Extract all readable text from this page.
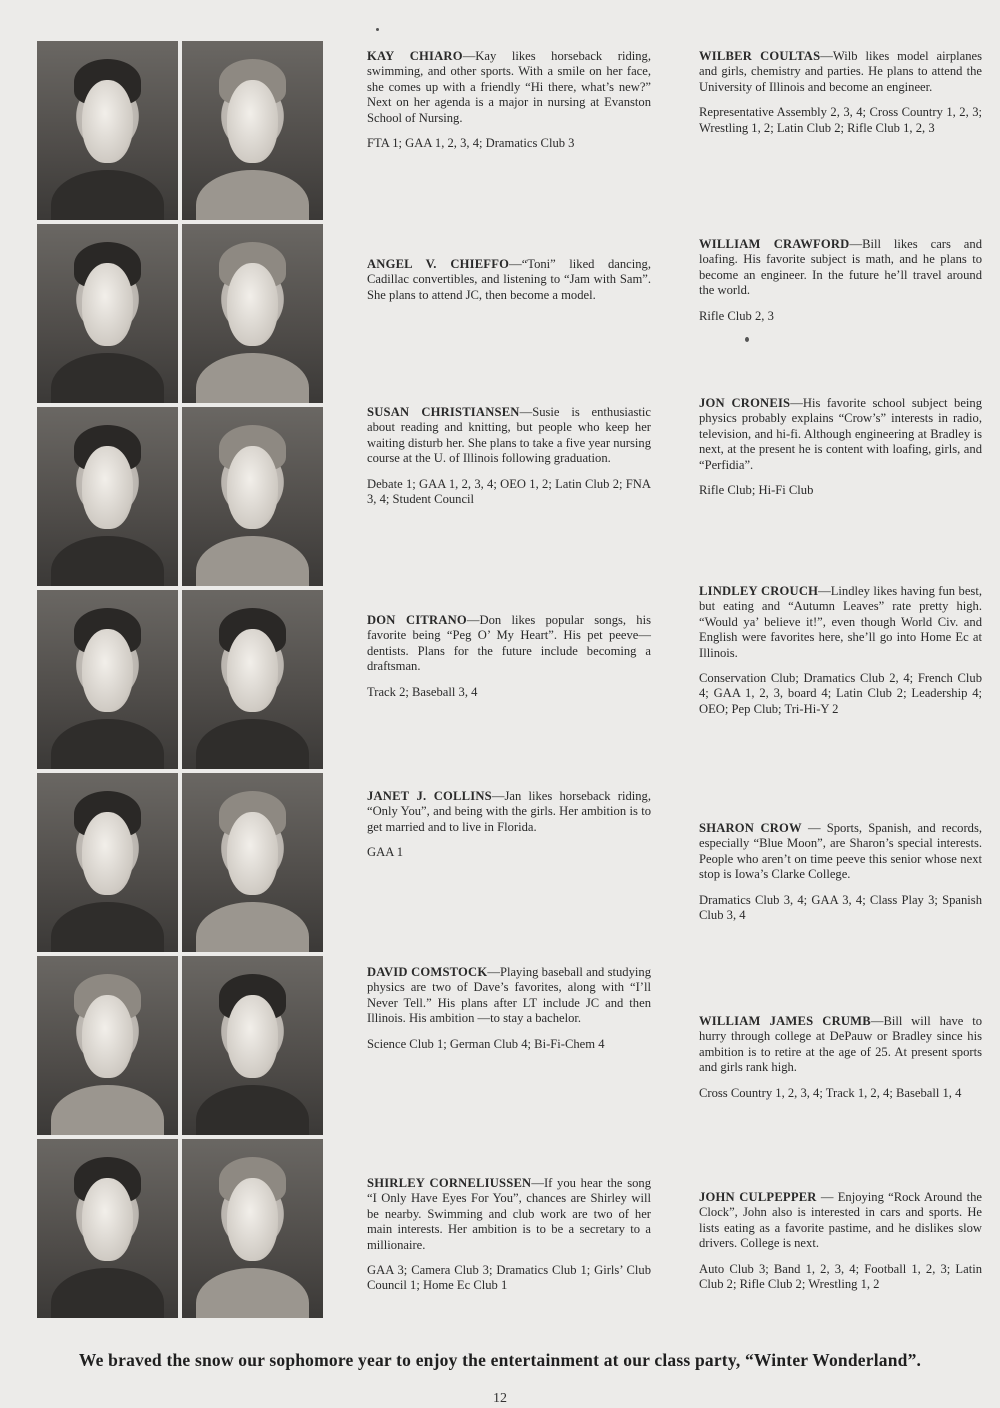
KAY CHIARO—Kay likes horseback riding, swimming, and other sports. With a smile on her face, she comes up with a friendly “Hi there, what’s new?” Next on her agenda is a major in nursing at Evanston School of Nursing.

FTA 1; GAA 1, 2, 3, 4; Dramatics Club 3

ANGEL V. CHIEFFO—“Toni” liked dancing, Cadillac convertibles, and listening to “Jam with Sam”. She plans to attend JC, then become a model.

SUSAN CHRISTIANSEN—Susie is enthusiastic about reading and knitting, but people who keep her waiting disturb her. She plans to take a five year nursing course at the U. of Illinois following graduation.

Debate 1; GAA 1, 2, 3, 4; OEO 1, 2; Latin Club 2; FNA 3, 4; Student Council

DON CITRANO—Don likes popular songs, his favorite being “Peg O’ My Heart”. His pet peeve—dentists. Plans for the future include becoming a draftsman.

Track 2; Baseball 3, 4

JANET J. COLLINS—Jan likes horseback riding, “Only You”, and being with the girls. Her ambition is to get married and to live in Florida.

GAA 1

DAVID COMSTOCK—Playing baseball and studying physics are two of Dave’s favorites, along with “I’ll Never Tell.” His plans after LT include JC and then Illinois. His ambition —to stay a bachelor.

Science Club 1; German Club 4; Bi-Fi-Chem 4

SHIRLEY CORNELIUSSEN—If you hear the song “I Only Have Eyes For You”, chances are Shirley will be nearby. Swimming and club work are two of her main interests. Her ambition is to be a secretary to a millionaire.

GAA 3; Camera Club 3; Dramatics Club 1; Girls’ Club Council 1; Home Ec Club 1

WILBER COULTAS—Wilb likes model airplanes and girls, chemistry and parties. He plans to attend the University of Illinois and become an engineer.

Representative Assembly 2, 3, 4; Cross Country 1, 2, 3; Wrestling 1, 2; Latin Club 2; Rifle Club 1, 2, 3

WILLIAM CRAWFORD—Bill likes cars and loafing. His favorite subject is math, and he plans to become an engineer. In the future he’ll travel around the world.

Rifle Club 2, 3

JON CRONEIS—His favorite school subject being physics probably explains “Crow’s” interests in radio, television, and hi-fi. Although engineering at Bradley is next, at the present he is content with loafing, girls, and “Perfidia”.

Rifle Club; Hi-Fi Club

LINDLEY CROUCH—Lindley likes having fun best, but eating and “Autumn Leaves” rate pretty high. “Would ya’ believe it!”, even though World Civ. and English were favorites here, she’ll go into Home Ec at Illinois.

Conservation Club; Dramatics Club 2, 4; French Club 4; GAA 1, 2, 3, board 4; Latin Club 2; Leadership 4; OEO; Pep Club; Tri-Hi-Y 2

SHARON CROW — Sports, Spanish, and records, especially “Blue Moon”, are Sharon’s special interests. People who aren’t on time peeve this senior whose next stop is Iowa’s Clarke College.

Dramatics Club 3, 4; GAA 3, 4; Class Play 3; Spanish Club 3, 4

WILLIAM JAMES CRUMB—Bill will have to hurry through college at DePauw or Bradley since his ambition is to retire at the age of 25. At present sports and girls rank high.

Cross Country 1, 2, 3, 4; Track 1, 2, 4; Baseball 1, 4

JOHN CULPEPPER — Enjoying “Rock Around the Clock”, John also is interested in cars and sports. He lists eating as a favorite pastime, and he dislikes slow drivers. College is next.

Auto Club 3; Band 1, 2, 3, 4; Football 1, 2, 3; Latin Club 2; Rifle Club 2; Wrestling 1, 2

We braved the snow our sophomore year to enjoy the entertainment at our class party, “Winter Wonderland”.
12
